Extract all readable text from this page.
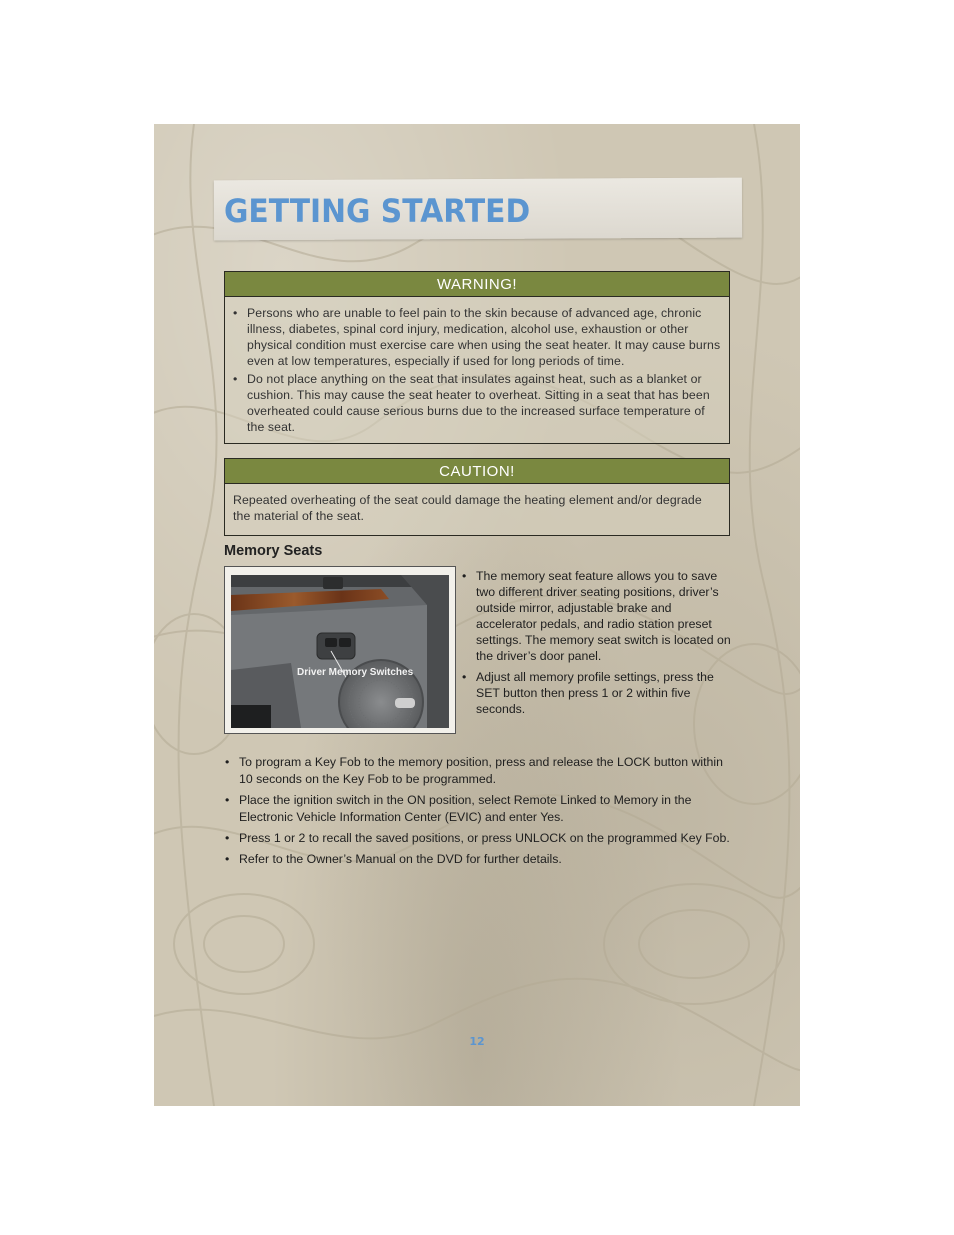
GETTING STARTED
WARNING!
• Persons who are unable to feel pain to the skin because of advanced age, chronic illness, diabetes, spinal cord injury, medication, alcohol use, exhaustion or other physical condition must exercise care when using the seat heater. It may cause burns even at low temperatures, especially if used for long periods of time.
• Do not place anything on the seat that insulates against heat, such as a blanket or cushion. This may cause the seat heater to overheat. Sitting in a seat that has been overheated could cause serious burns due to the increased surface temperature of the seat.
CAUTION!

Repeated overheating of the seat could damage the heating element and/or degrade the material of the seat.

Memory Seats
Driver Memory Switches
• The memory seat feature allows you to save two different driver seating positions, driver’s outside mirror, adjustable brake and accelerator pedals, and radio station preset settings. The memory seat switch is located on the driver’s door panel.
• Adjust all memory profile settings, press the SET button then press 1 or 2 within five seconds.
• To program a Key Fob to the memory position, press and release the LOCK button within 10 seconds on the Key Fob to be programmed.
• Place the ignition switch in the ON position, select Remote Linked to Memory in the Electronic Vehicle Information Center (EVIC) and enter Yes.
• Press 1 or 2 to recall the saved positions, or press UNLOCK on the programmed Key Fob.
• Refer to the Owner’s Manual on the DVD for further details.
12
